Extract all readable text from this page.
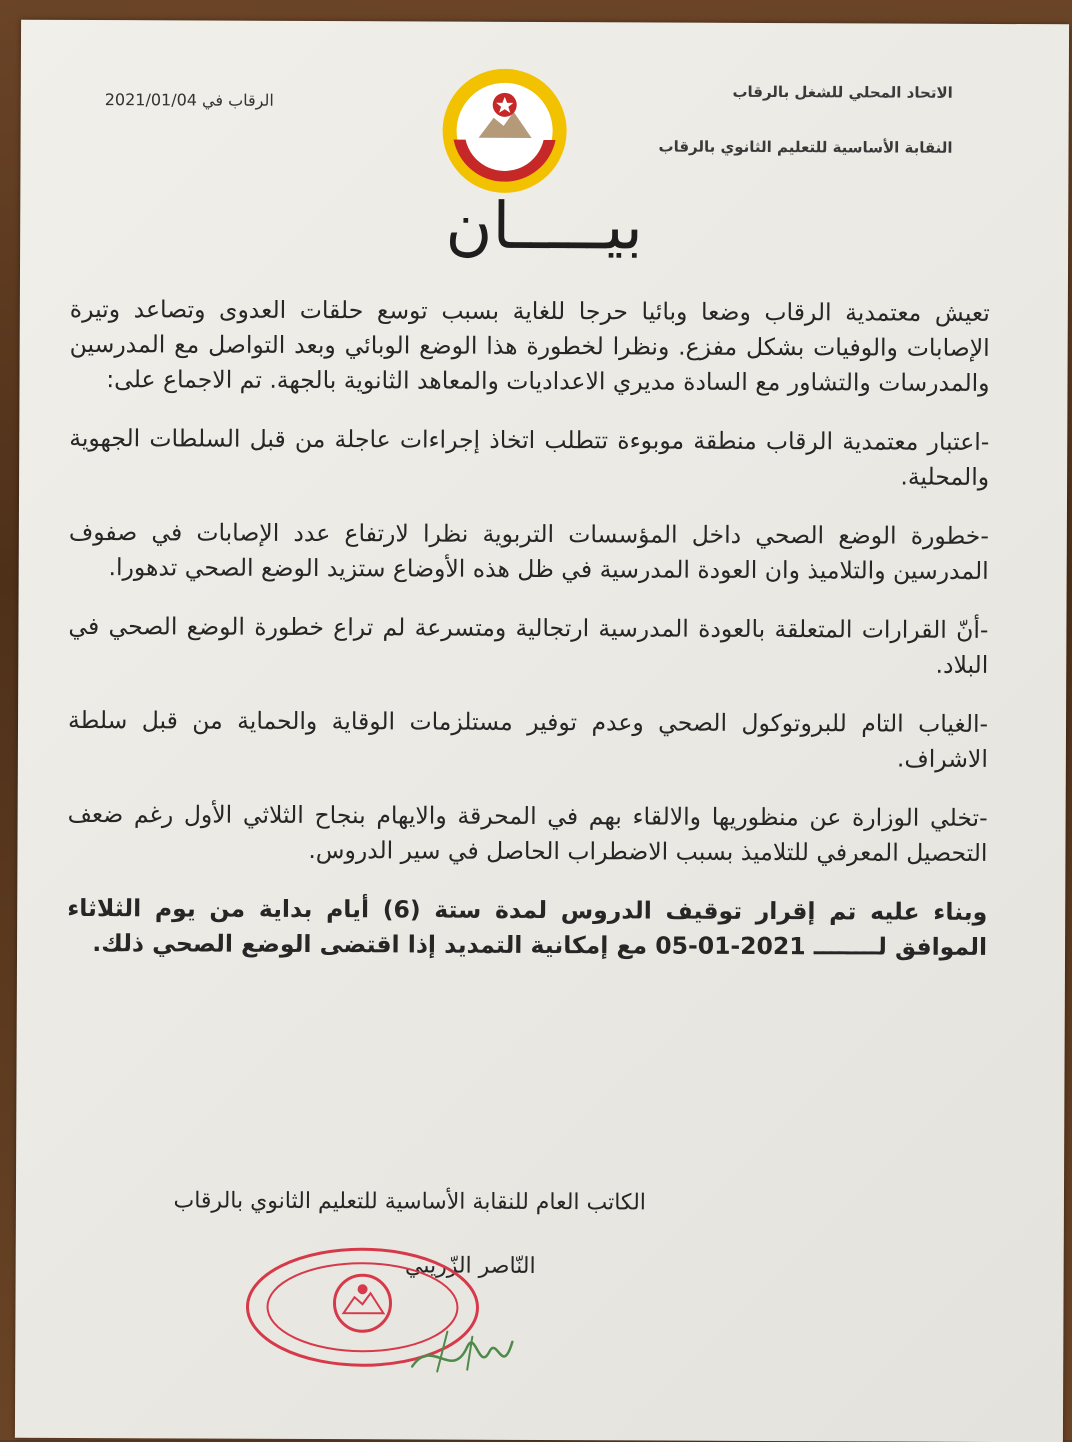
الاتحاد المحلي للشغل بالرقاب
النقابة الأساسية للتعليم الثانوي بالرقاب
الرقاب في 2021/01/04
بيـــــان

تعيش معتمدية الرقاب وضعا وبائيا حرجا للغاية بسبب توسع حلقات العدوى وتصاعد وتيرة الإصابات والوفيات بشكل مفزع. ونظرا لخطورة هذا الوضع الوبائي وبعد التواصل مع المدرسين والمدرسات والتشاور مع السادة مديري الاعداديات والمعاهد الثانوية بالجهة. تم الاجماع على:

-اعتبار معتمدية الرقاب منطقة موبوءة تتطلب اتخاذ إجراءات عاجلة من قبل السلطات الجهوية والمحلية.

-خطورة الوضع الصحي داخل المؤسسات التربوية نظرا لارتفاع عدد الإصابات في صفوف المدرسين والتلاميذ وان العودة المدرسية في ظل هذه الأوضاع ستزيد الوضع الصحي تدهورا.

-أنّ القرارات المتعلقة بالعودة المدرسية ارتجالية ومتسرعة لم تراع خطورة الوضع الصحي في البلاد.

-الغياب التام للبروتوكول الصحي وعدم توفير مستلزمات الوقاية والحماية من قبل سلطة الاشراف.

-تخلي الوزارة عن منظوريها والالقاء بهم في المحرقة والايهام بنجاح الثلاثي الأول رغم ضعف التحصيل المعرفي للتلاميذ بسبب الاضطراب الحاصل في سير الدروس.

وبناء عليه تم إقرار توقيف الدروس لمدة ستة (6) أيام بداية من يوم الثلاثاء الموافق لــــــــ 2021-01-05 مع إمكانية التمديد إذا اقتضى الوضع الصحي ذلك.

الكاتب العام للنقابة الأساسية للتعليم الثانوي بالرقاب
النّاصر الزّريبي
